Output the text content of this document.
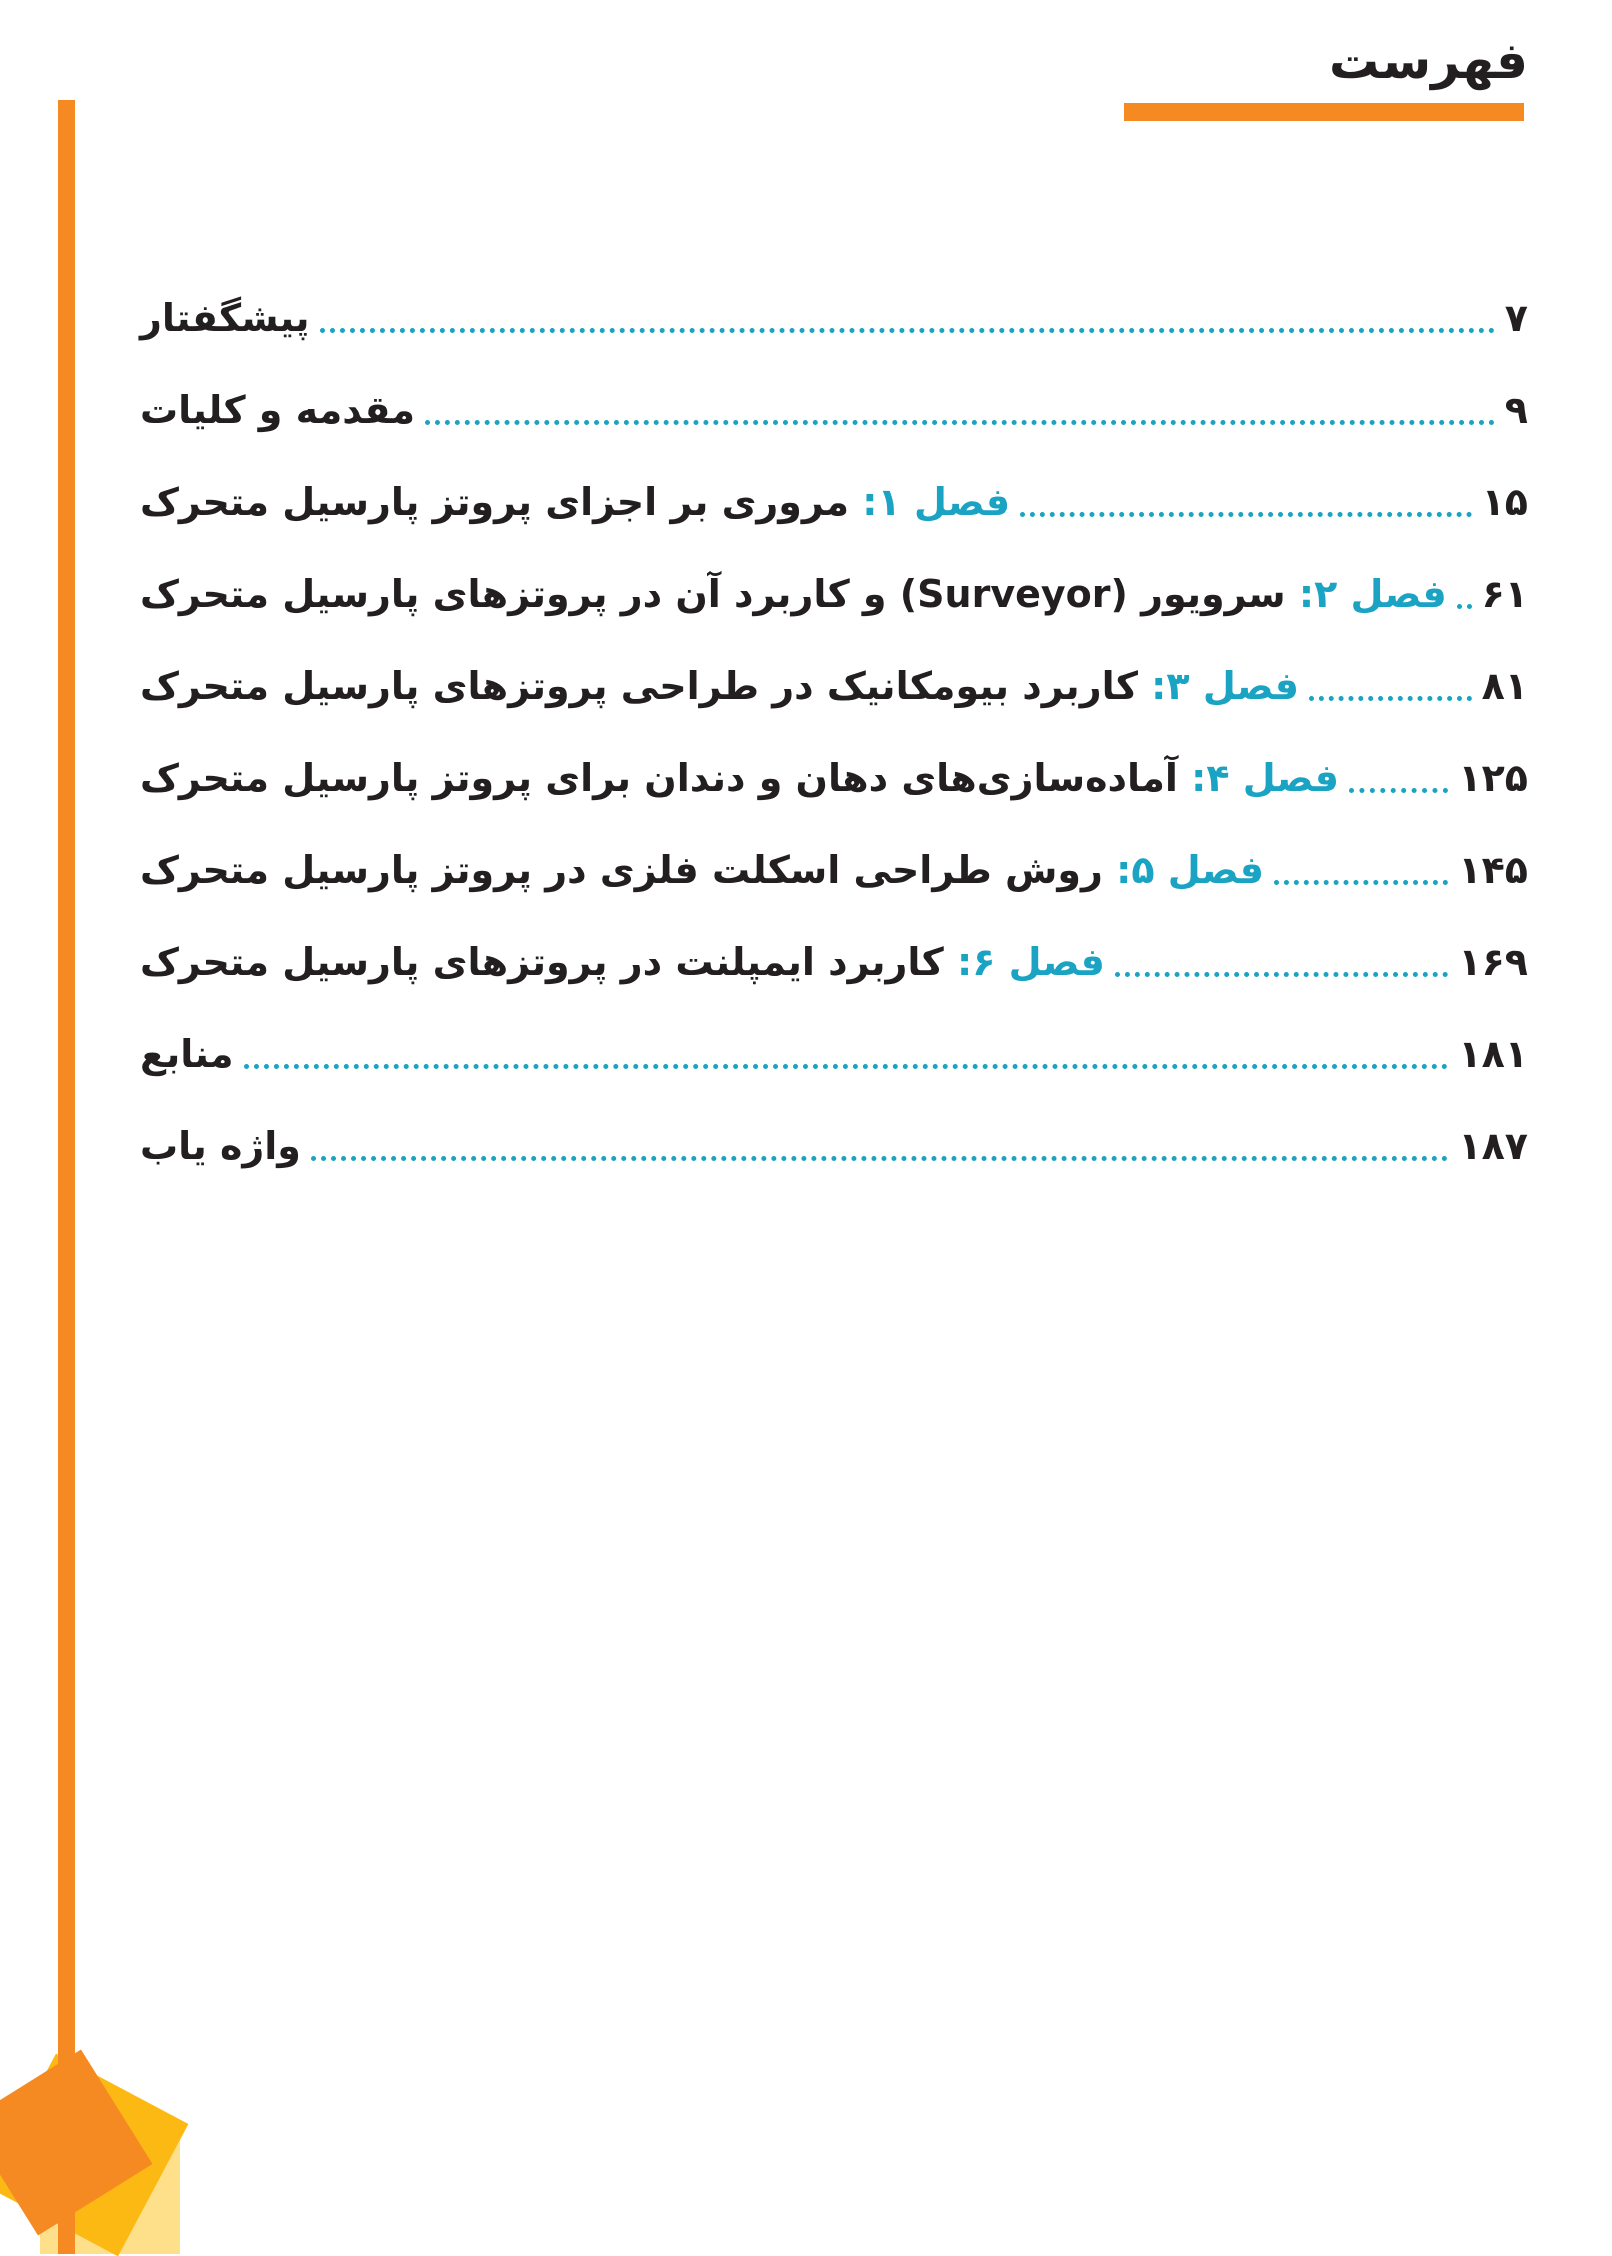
فهرست
پیشگفتار	۷
مقدمه و کلیات	۹
فصل ۱: مروری بر اجزای پروتز پارسیل متحرک	۱۵
فصل ۲: سرویور (Surveyor) و کاربرد آن در پروتزهای پارسیل متحرک	۶۱
فصل ۳: کاربرد بیومکانیک در طراحی پروتزهای پارسیل متحرک	۸۱
فصل ۴: آماده‌سازی‌های دهان و دندان برای پروتز پارسیل متحرک	۱۲۵
فصل ۵: روش طراحی اسکلت فلزی در پروتز پارسیل متحرک	۱۴۵
فصل ۶: کاربرد ایمپلنت در پروتزهای پارسیل متحرک	۱۶۹
منابع	۱۸۱
واژه یاب	۱۸۷
